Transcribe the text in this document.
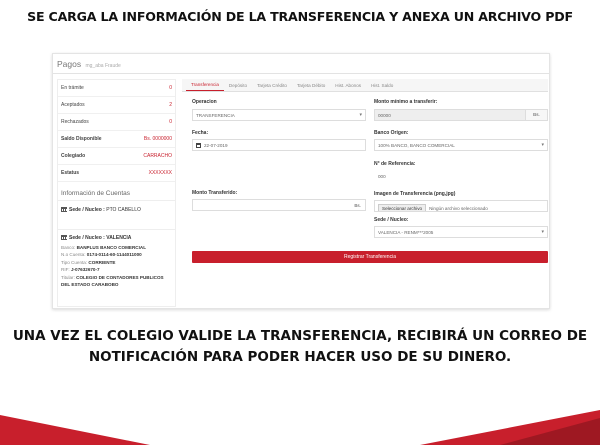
SE CARGA LA INFORMACIÓN DE LA TRANSFERENCIA Y ANEXA UN ARCHIVO PDF
Pagos mg_aba Fraude
En trámite	0
Aceptados	2
Rechazados	0
Saldo Disponible	Bs. 0000000
Colegiado	CARRACHO
Estatus	XXXXXXX
Información de Cuentas
Sede / Nucleo : PTO CABELLO
Sede / Nucleo : VALENCIA
Banco: BANPLUS BANCO COMERCIAL
N.o Cuenta: 0174-0114-60-1144011000
Tipo Cuenta: CORRIENTE
RIF: J-07632670-7
Titular: COLEGIO DE CONTADORES PUBLICOS DEL ESTADO CARABOBO
Transferencia	Depósito	Tarjeta Crédito	Tarjeta Débito	Hist. Abonos	Hist. Saldo
Operacion
TRANSFERENCIA	▾
Fecha:
22-07-2019
Monto Transferido:
Bs.
Monto mínimo a transferir:
00000	Bs.
Banco Origen:
100% BANCO, BANCO COMERCIAL	▾
N° de Referencia:
000
Imagen de Transferencia (png,jpg)
Seleccionar archivo Ningún archivo seleccionado
Sede / Nucleo:
VALENCIA - RENM***2005	▾
Registrar Transferencia
UNA VEZ EL COLEGIO VALIDE LA TRANSFERENCIA, RECIBIRÁ UN CORREO DE
NOTIFICACIÓN PARA PODER HACER USO DE SU DINERO.
